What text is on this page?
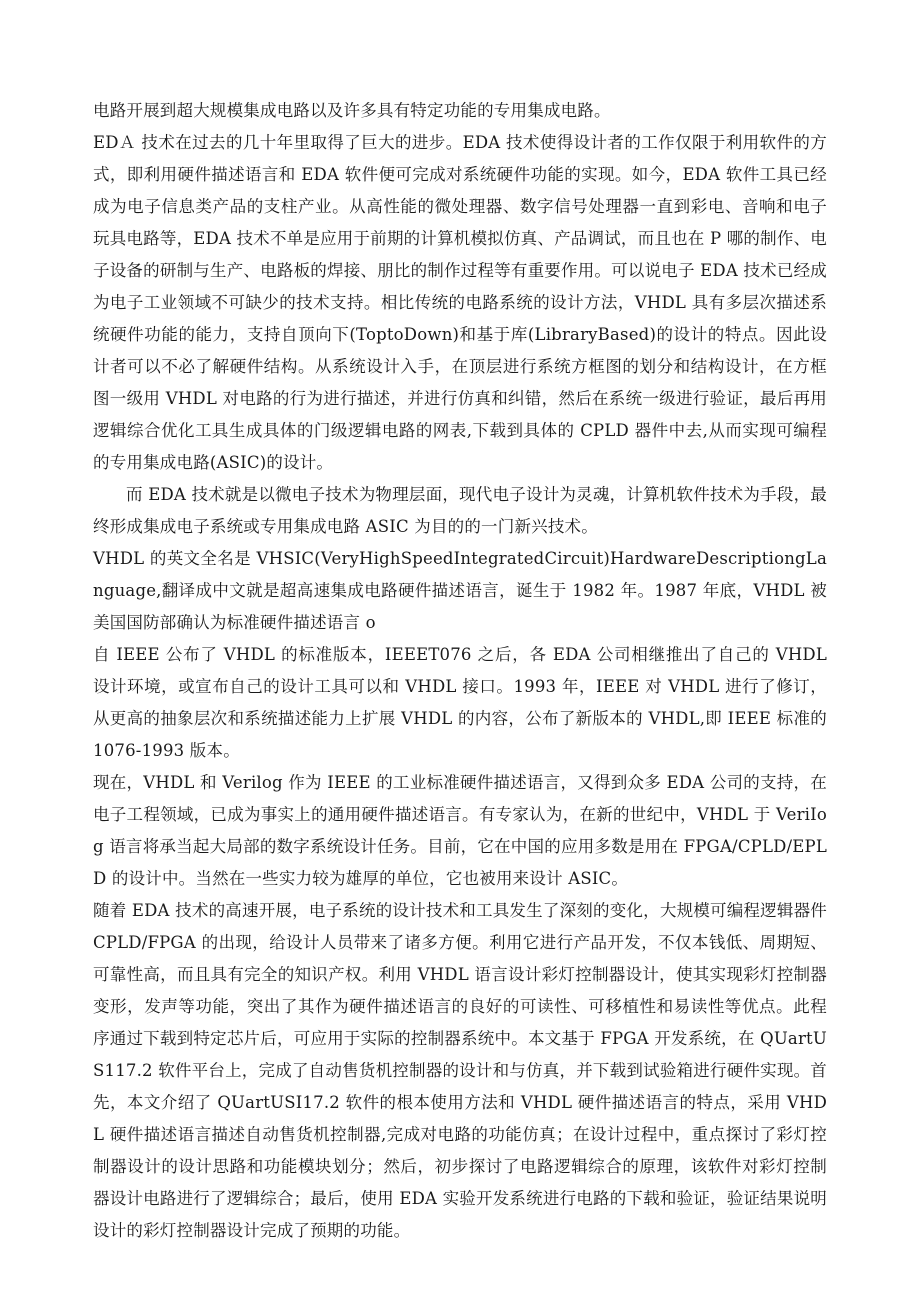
电路开展到超大规模集成电路以及许多具有特定功能的专用集成电路。

EDＡ 技术在过去的几十年里取得了巨大的进步。EDA 技术使得设计者的工作仅限于利用软件的方式，即利用硬件描述语言和 EDA 软件便可完成对系统硬件功能的实现。如今，EDA 软件工具已经成为电子信息类产品的支柱产业。从高性能的微处理器、数字信号处理器一直到彩电、音响和电子玩具电路等，EDA 技术不单是应用于前期的计算机模拟仿真、产品调试，而且也在 P 哪的制作、电子设备的研制与生产、电路板的焊接、朋比的制作过程等有重要作用。可以说电子 EDA 技术已经成为电子工业领域不可缺少的技术支持。相比传统的电路系统的设计方法，VHDL 具有多层次描述系统硬件功能的能力，支持自顶向下(ToptoDown)和基于库(LibraryBased)的设计的特点。因此设计者可以不必了解硬件结构。从系统设计入手，在顶层进行系统方框图的划分和结构设计，在方框图一级用 VHDL 对电路的行为进行描述，并进行仿真和纠错，然后在系统一级进行验证，最后再用逻辑综合优化工具生成具体的门级逻辑电路的网表,下载到具体的 CPLD 器件中去,从而实现可编程的专用集成电路(ASIC)的设计。

而 EDA 技术就是以微电子技术为物理层面，现代电子设计为灵魂，计算机软件技术为手段，最终形成集成电子系统或专用集成电路 ASIC 为目的的一门新兴技术。

VHDL 的英文全名是 VHSIC(VeryHighSpeedIntegratedCircuit)HardwareDescriptiongLanguage,翻译成中文就是超高速集成电路硬件描述语言，诞生于 1982 年。1987 年底，VHDL 被美国国防部确认为标准硬件描述语言 o

自 IEEE 公布了 VHDL 的标准版本，IEEET076 之后，各 EDA 公司相继推出了自己的 VHDL 设计环境，或宣布自己的设计工具可以和 VHDL 接口。1993 年，IEEE 对 VHDL 进行了修订，从更高的抽象层次和系统描述能力上扩展 VHDL 的内容，公布了新版本的 VHDL,即 IEEE 标准的 1076-1993 版本。

现在，VHDL 和 Verilog 作为 IEEE 的工业标准硬件描述语言，又得到众多 EDA 公司的支持，在电子工程领域，已成为事实上的通用硬件描述语言。有专家认为，在新的世纪中，VHDL 于 VeriIog 语言将承当起大局部的数字系统设计任务。目前，它在中国的应用多数是用在 FPGA/CPLD/EPLD 的设计中。当然在一些实力较为雄厚的单位，它也被用来设计 ASIC。

随着 EDA 技术的高速开展，电子系统的设计技术和工具发生了深刻的变化，大规模可编程逻辑器件 CPLD/FPGA 的出现，给设计人员带来了诸多方便。利用它进行产品开发，不仅本钱低、周期短、可靠性高，而且具有完全的知识产权。利用 VHDL 语言设计彩灯控制器设计，使其实现彩灯控制器变形，发声等功能，突出了其作为硬件描述语言的良好的可读性、可移植性和易读性等优点。此程序通过下载到特定芯片后，可应用于实际的控制器系统中。本文基于 FPGA 开发系统，在 QUartUS117.2 软件平台上，完成了自动售货机控制器的设计和与仿真，并下载到试验箱进行硬件实现。首先，本文介绍了 QUartUSI17.2 软件的根本使用方法和 VHDL 硬件描述语言的特点，采用 VHDL 硬件描述语言描述自动售货机控制器,完成对电路的功能仿真；在设计过程中，重点探讨了彩灯控制器设计的设计思路和功能模块划分；然后，初步探讨了电路逻辑综合的原理，该软件对彩灯控制器设计电路进行了逻辑综合；最后，使用 EDA 实验开发系统进行电路的下载和验证，验证结果说明设计的彩灯控制器设计完成了预期的功能。
